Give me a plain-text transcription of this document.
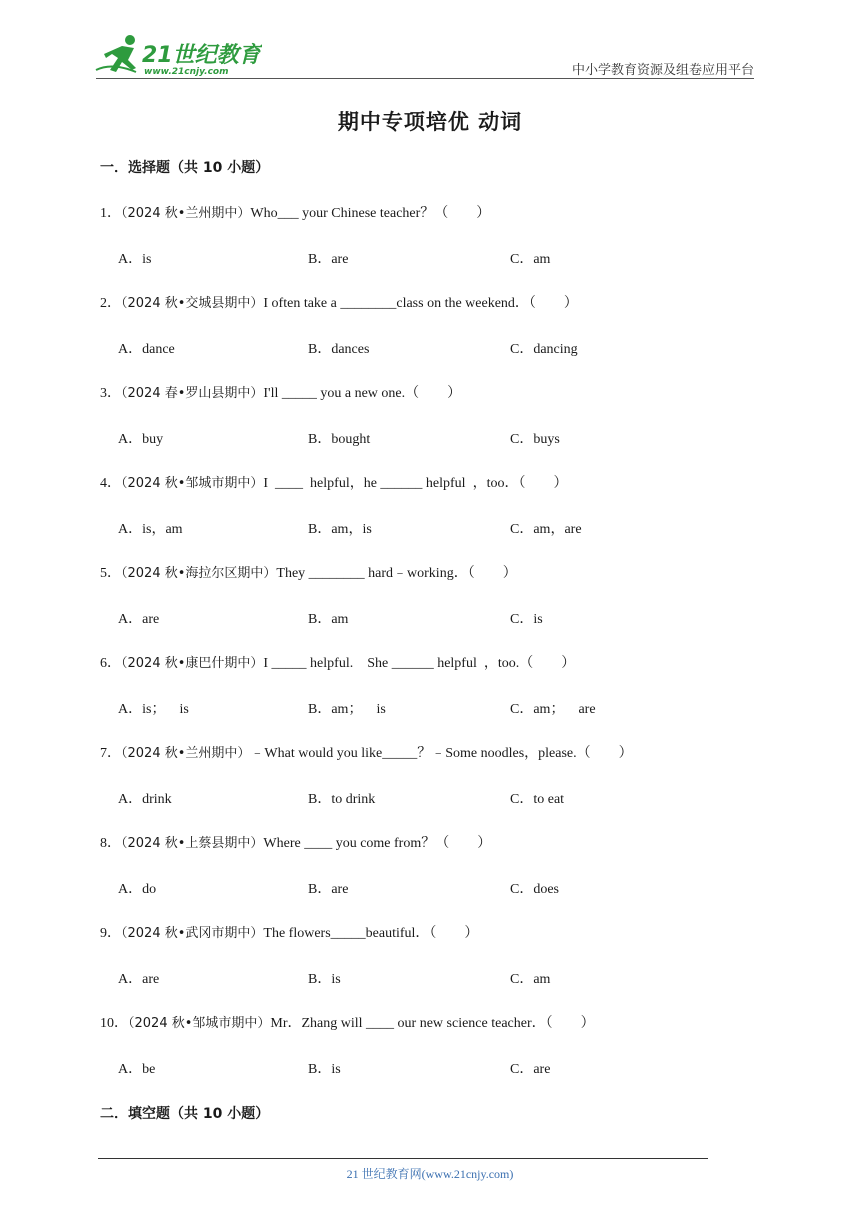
21世纪教育
www.21cnjy.com	中小学教育资源及组卷应用平台
期中专项培优 动词
一．选择题（共 10 小题）
1．（2024 秋•兰州期中）Who___ your Chinese teacher？（　　）
A．is	B．are	C．am
2．（2024 秋•交城县期中）I often take a ________class on the weekend．（　　）
A．dance	B．dances	C．dancing
3．（2024 春•罗山县期中）I'll _____ you a new one.（　　）
A．buy	B．bought	C．buys
4．（2024 秋•邹城市期中）I  ____  helpful，he ______ helpful  ，too．（　　）
A．is，am	B．am，is	C．am，are
5．（2024 秋•海拉尔区期中）They ________ hard﹣working．（　　）
A．are	B．am	C．is
6．（2024 秋•康巴什期中）I _____ helpful.    She ______ helpful  ，too.（　　）
A．is；    is	B．am；    is	C．am；    are
7．（2024 秋•兰州期中）﹣What would you like_____？﹣Some noodles，please.（　　）
A．drink	B．to drink	C．to eat
8．（2024 秋•上蔡县期中）Where ____ you come from？（　　）
A．do	B．are	C．does
9．（2024 秋•武冈市期中）The flowers_____beautiful．（　　）
A．are	B．is	C．am
10．（2024 秋•邹城市期中）Mr．Zhang will ____ our new science teacher．（　　）
A．be	B．is	C．are
二．填空题（共 10 小题）
21 世纪教育网(www.21cnjy.com)
